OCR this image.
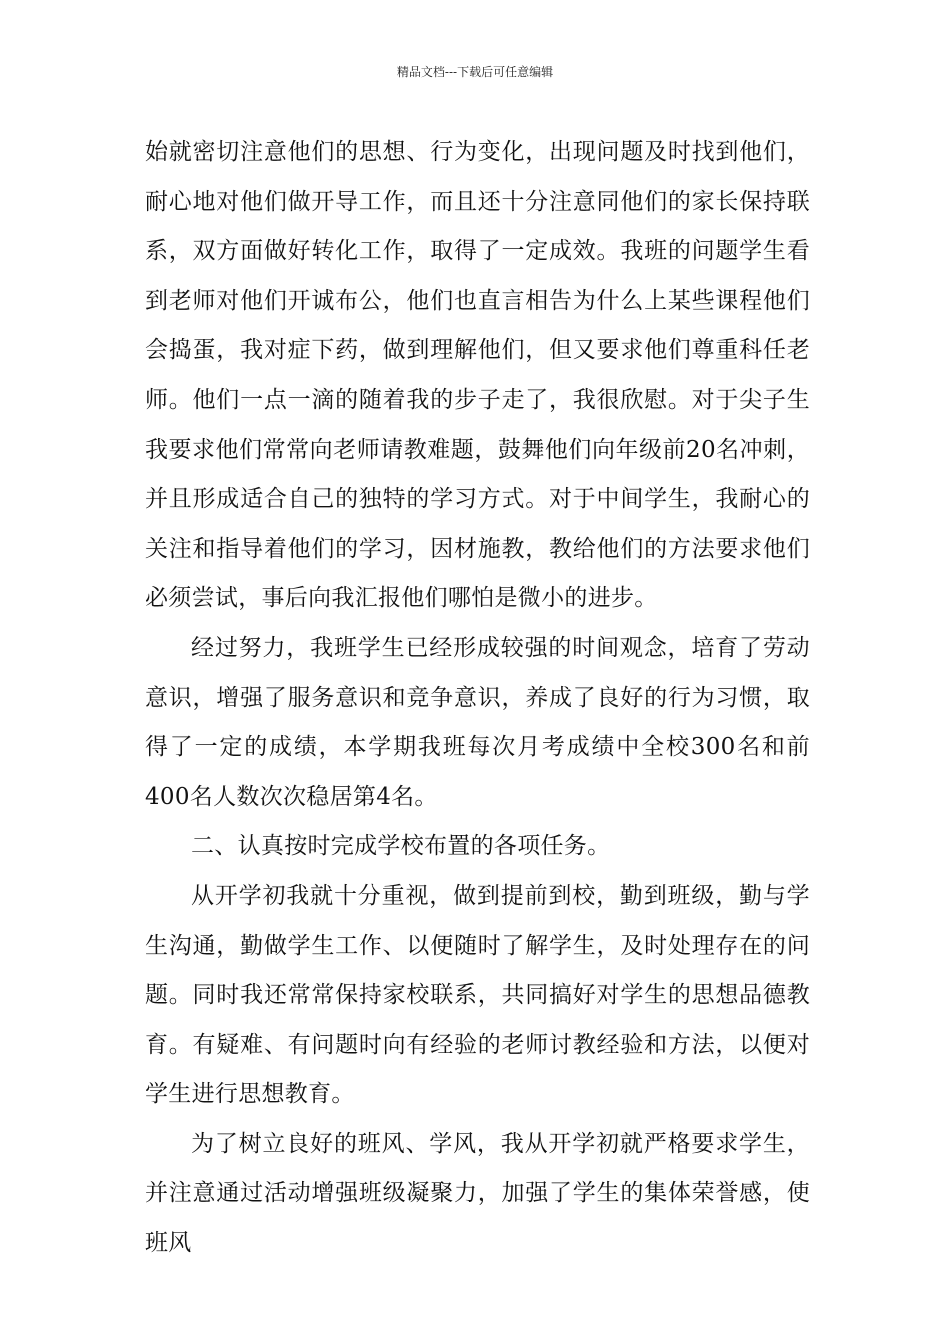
精品文档---下载后可任意编辑

始就密切注意他们的思想、行为变化，出现问题及时找到他们，耐心地对他们做开导工作，而且还十分注意同他们的家长保持联系，双方面做好转化工作，取得了一定成效。我班的问题学生看到老师对他们开诚布公，他们也直言相告为什么上某些课程他们会捣蛋，我对症下药，做到理解他们，但又要求他们尊重科任老师。他们一点一滴的随着我的步子走了，我很欣慰。对于尖子生我要求他们常常向老师请教难题，鼓舞他们向年级前20名冲刺，并且形成适合自己的独特的学习方式。对于中间学生，我耐心的关注和指导着他们的学习，因材施教，教给他们的方法要求他们必须尝试，事后向我汇报他们哪怕是微小的进步。

经过努力，我班学生已经形成较强的时间观念，培育了劳动意识，增强了服务意识和竞争意识，养成了良好的行为习惯，取得了一定的成绩，本学期我班每次月考成绩中全校300名和前400名人数次次稳居第4名。

二、认真按时完成学校布置的各项任务。

从开学初我就十分重视，做到提前到校，勤到班级，勤与学生沟通，勤做学生工作、以便随时了解学生，及时处理存在的问题。同时我还常常保持家校联系，共同搞好对学生的思想品德教育。有疑难、有问题时向有经验的老师讨教经验和方法，以便对学生进行思想教育。

为了树立良好的班风、学风，我从开学初就严格要求学生，并注意通过活动增强班级凝聚力，加强了学生的集体荣誉感，使班风
